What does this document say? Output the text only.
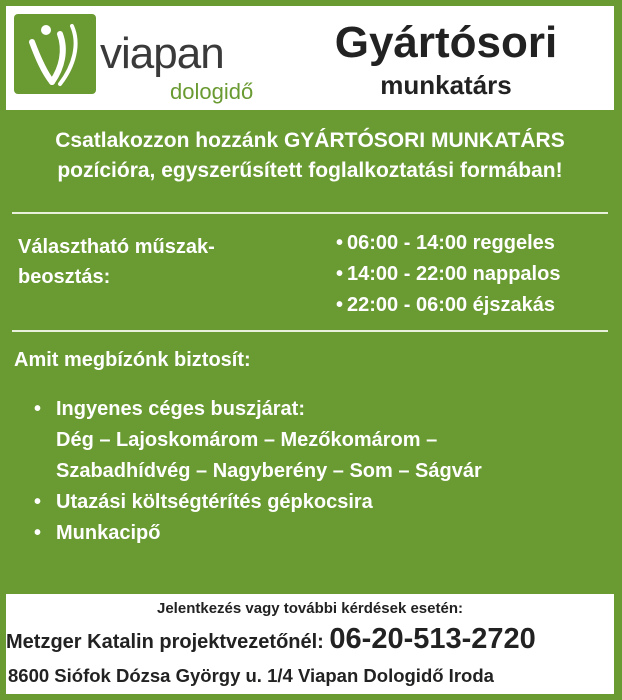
viapan
dologidő
Gyártósori
munkatárs
Csatlakozzon hozzánk GYÁRTÓSORI MUNKATÁRS
pozícióra, egyszerűsített foglalkoztatási formában!
Választható műszak-
beosztás:
• 06:00 - 14:00 reggeles
• 14:00 - 22:00 nappalos
• 22:00 - 06:00 éjszakás
Amit megbízónk biztosít:
• Ingyenes céges buszjárat:
Dég – Lajoskomárom – Mezőkomárom –
Szabadhídvég – Nagyberény – Som – Ságvár
• Utazási költségtérítés gépkocsira
• Munkacipő
Jelentkezés vagy további kérdések esetén:
Metzger Katalin projektvezetőnél: 06-20-513-2720
8600 Siófok Dózsa György u. 1/4 Viapan Dologidő Iroda
